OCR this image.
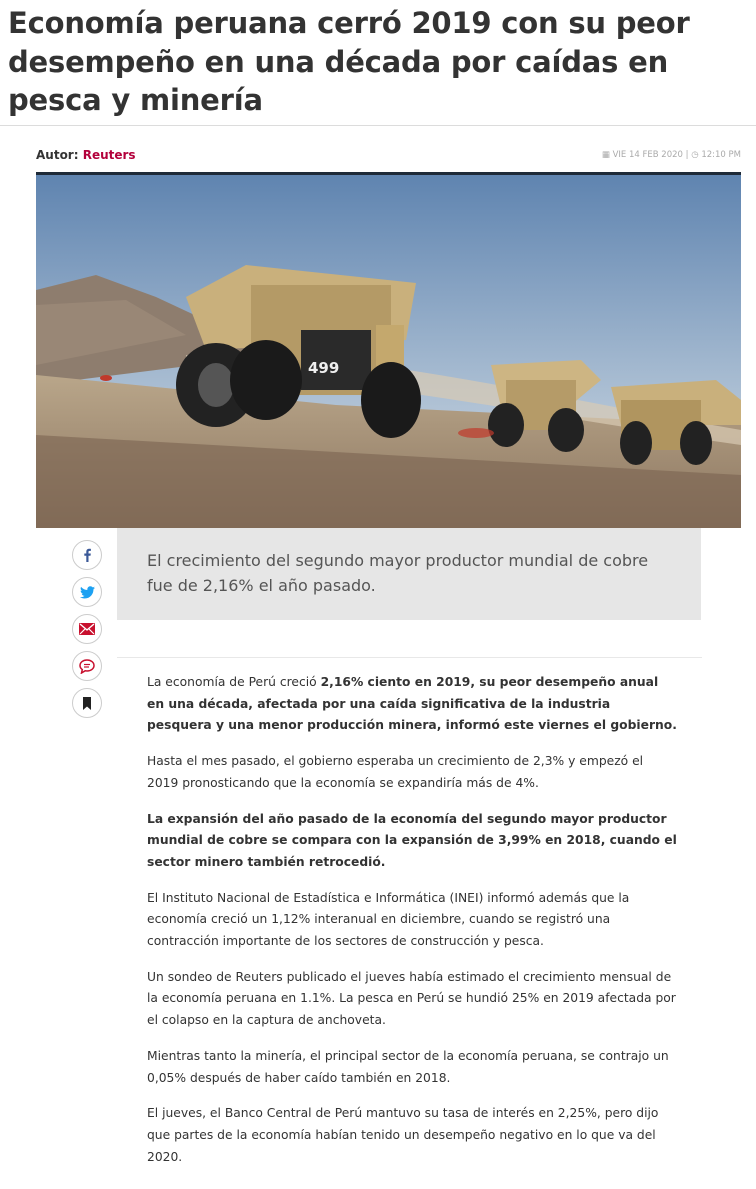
Economía peruana cerró 2019 con su peor desempeño en una década por caídas en pesca y minería
Autor: Reuters	▦ VIE 14 FEB 2020 | ◷ 12:10 PM
499
El crecimiento del segundo mayor productor mundial de cobre fue de 2,16% el año pasado.

La economía de Perú creció 2,16% ciento en 2019, su peor desempeño anual en una década, afectada por una caída significativa de la industria pesquera y una menor producción minera, informó este viernes el gobierno.

Hasta el mes pasado, el gobierno esperaba un crecimiento de 2,3% y empezó el 2019 pronosticando que la economía se expandiría más de 4%.

La expansión del año pasado de la economía del segundo mayor productor mundial de cobre se compara con la expansión de 3,99% en 2018, cuando el sector minero también retrocedió.

El Instituto Nacional de Estadística e Informática (INEI) informó además que la economía creció un 1,12% interanual en diciembre, cuando se registró una contracción importante de los sectores de construcción y pesca.

Un sondeo de Reuters publicado el jueves había estimado el crecimiento mensual de la economía peruana en 1.1%. La pesca en Perú se hundió 25% en 2019 afectada por el colapso en la captura de anchoveta.

Mientras tanto la minería, el principal sector de la economía peruana, se contrajo un 0,05% después de haber caído también en 2018.

El jueves, el Banco Central de Perú mantuvo su tasa de interés en 2,25%, pero dijo que partes de la economía habían tenido un desempeño negativo en lo que va del 2020.
